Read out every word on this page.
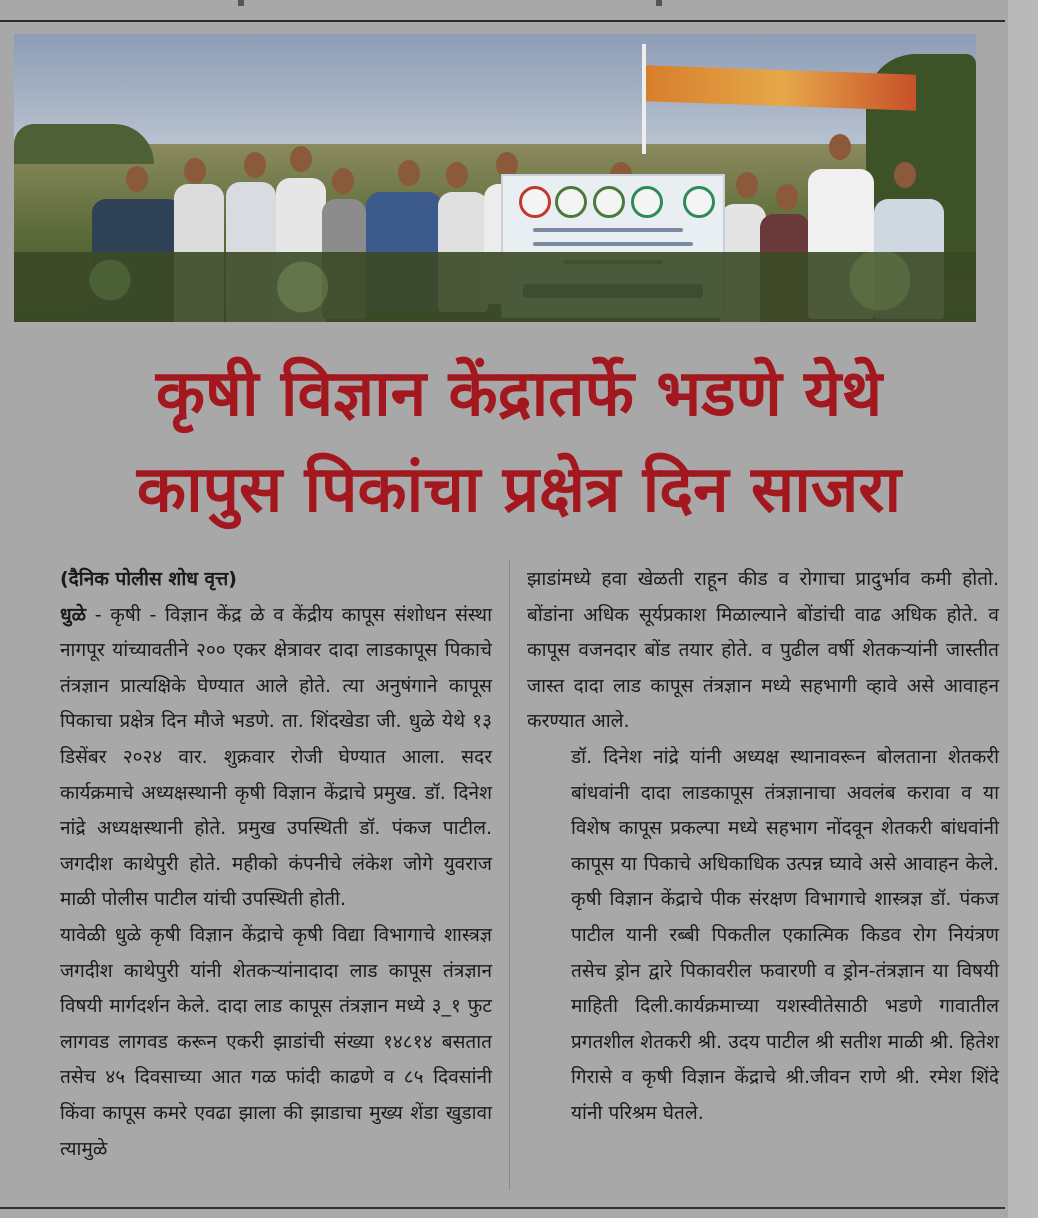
कृषी विज्ञान केंद्रातर्फे भडणे येथे
कापुस पिकांचा प्रक्षेत्र दिन साजरा

(दैनिक पोलीस शोध वृत्त)

धुळे - कृषी - विज्ञान केंद्र ळे व केंद्रीय कापूस संशोधन संस्था नागपूर यांच्यावतीने २०० एकर क्षेत्रावर दादा लाडकापूस पिकाचे तंत्रज्ञान प्रात्यक्षिके घेण्यात आले होते. त्या अनुषंगाने कापूस पिकाचा प्रक्षेत्र दिन मौजे भडणे. ता. शिंदखेडा जी. धुळे येथे १३ डिसेंबर २०२४ वार. शुक्रवार रोजी घेण्यात आला. सदर कार्यक्रमाचे अध्यक्षस्थानी कृषी विज्ञान केंद्राचे प्रमुख. डॉ. दिनेश नांद्रे अध्यक्षस्थानी होते. प्रमुख उपस्थिती डॉ. पंकज पाटील. जगदीश काथेपुरी होते. महीको कंपनीचे लंकेश जोगे युवराज माळी पोलीस पाटील यांची उपस्थिती होती.

यावेळी धुळे कृषी विज्ञान केंद्राचे कृषी विद्या विभागाचे शास्त्रज्ञ जगदीश काथेपुरी यांनी शेतकऱ्यांनादादा लाड कापूस तंत्रज्ञान विषयी मार्गदर्शन केले. दादा लाड कापूस तंत्रज्ञान मध्ये ३_१ फुट लागवड लागवड करून एकरी झाडांची संख्या १४८१४ बसतात तसेच ४५ दिवसाच्या आत गळ फांदी काढणे व ८५ दिवसांनी किंवा कापूस कमरे एवढा झाला की झाडाचा मुख्य शेंडा खुडावा त्यामुळे

झाडांमध्ये हवा खेळती राहून कीड व रोगाचा प्रादुर्भाव कमी होतो. बोंडांना अधिक सूर्यप्रकाश मिळाल्याने बोंडांची वाढ अधिक होते. व कापूस वजनदार बोंड तयार होते. व पुढील वर्षी शेतकऱ्यांनी जास्तीत जास्त दादा लाड कापूस तंत्रज्ञान मध्ये सहभागी व्हावे असे आवाहन करण्यात आले.

डॉ. दिनेश नांद्रे यांनी अध्यक्ष स्थानावरून बोलताना शेतकरी बांधवांनी दादा लाडकापूस तंत्रज्ञानाचा अवलंब करावा व या विशेष कापूस प्रकल्पा मध्ये सहभाग नोंदवून शेतकरी बांधवांनी कापूस या पिकाचे अधिकाधिक उत्पन्न घ्यावे असे आवाहन केले. कृषी विज्ञान केंद्राचे पीक संरक्षण विभागाचे शास्त्रज्ञ डॉ. पंकज पाटील यानी रब्बी पिकतील एकात्मिक किडव रोग नियंत्रण तसेच ड्रोन द्वारे पिकावरील फवारणी व ड्रोन-तंत्रज्ञान या विषयी माहिती दिली.कार्यक्रमाच्या यशस्वीतेसाठी भडणे गावातील प्रगतशील शेतकरी श्री. उदय पाटील श्री सतीश माळी श्री. हितेश गिरासे व कृषी विज्ञान केंद्राचे श्री.जीवन राणे श्री. रमेश शिंदे यांनी परिश्रम घेतले.
